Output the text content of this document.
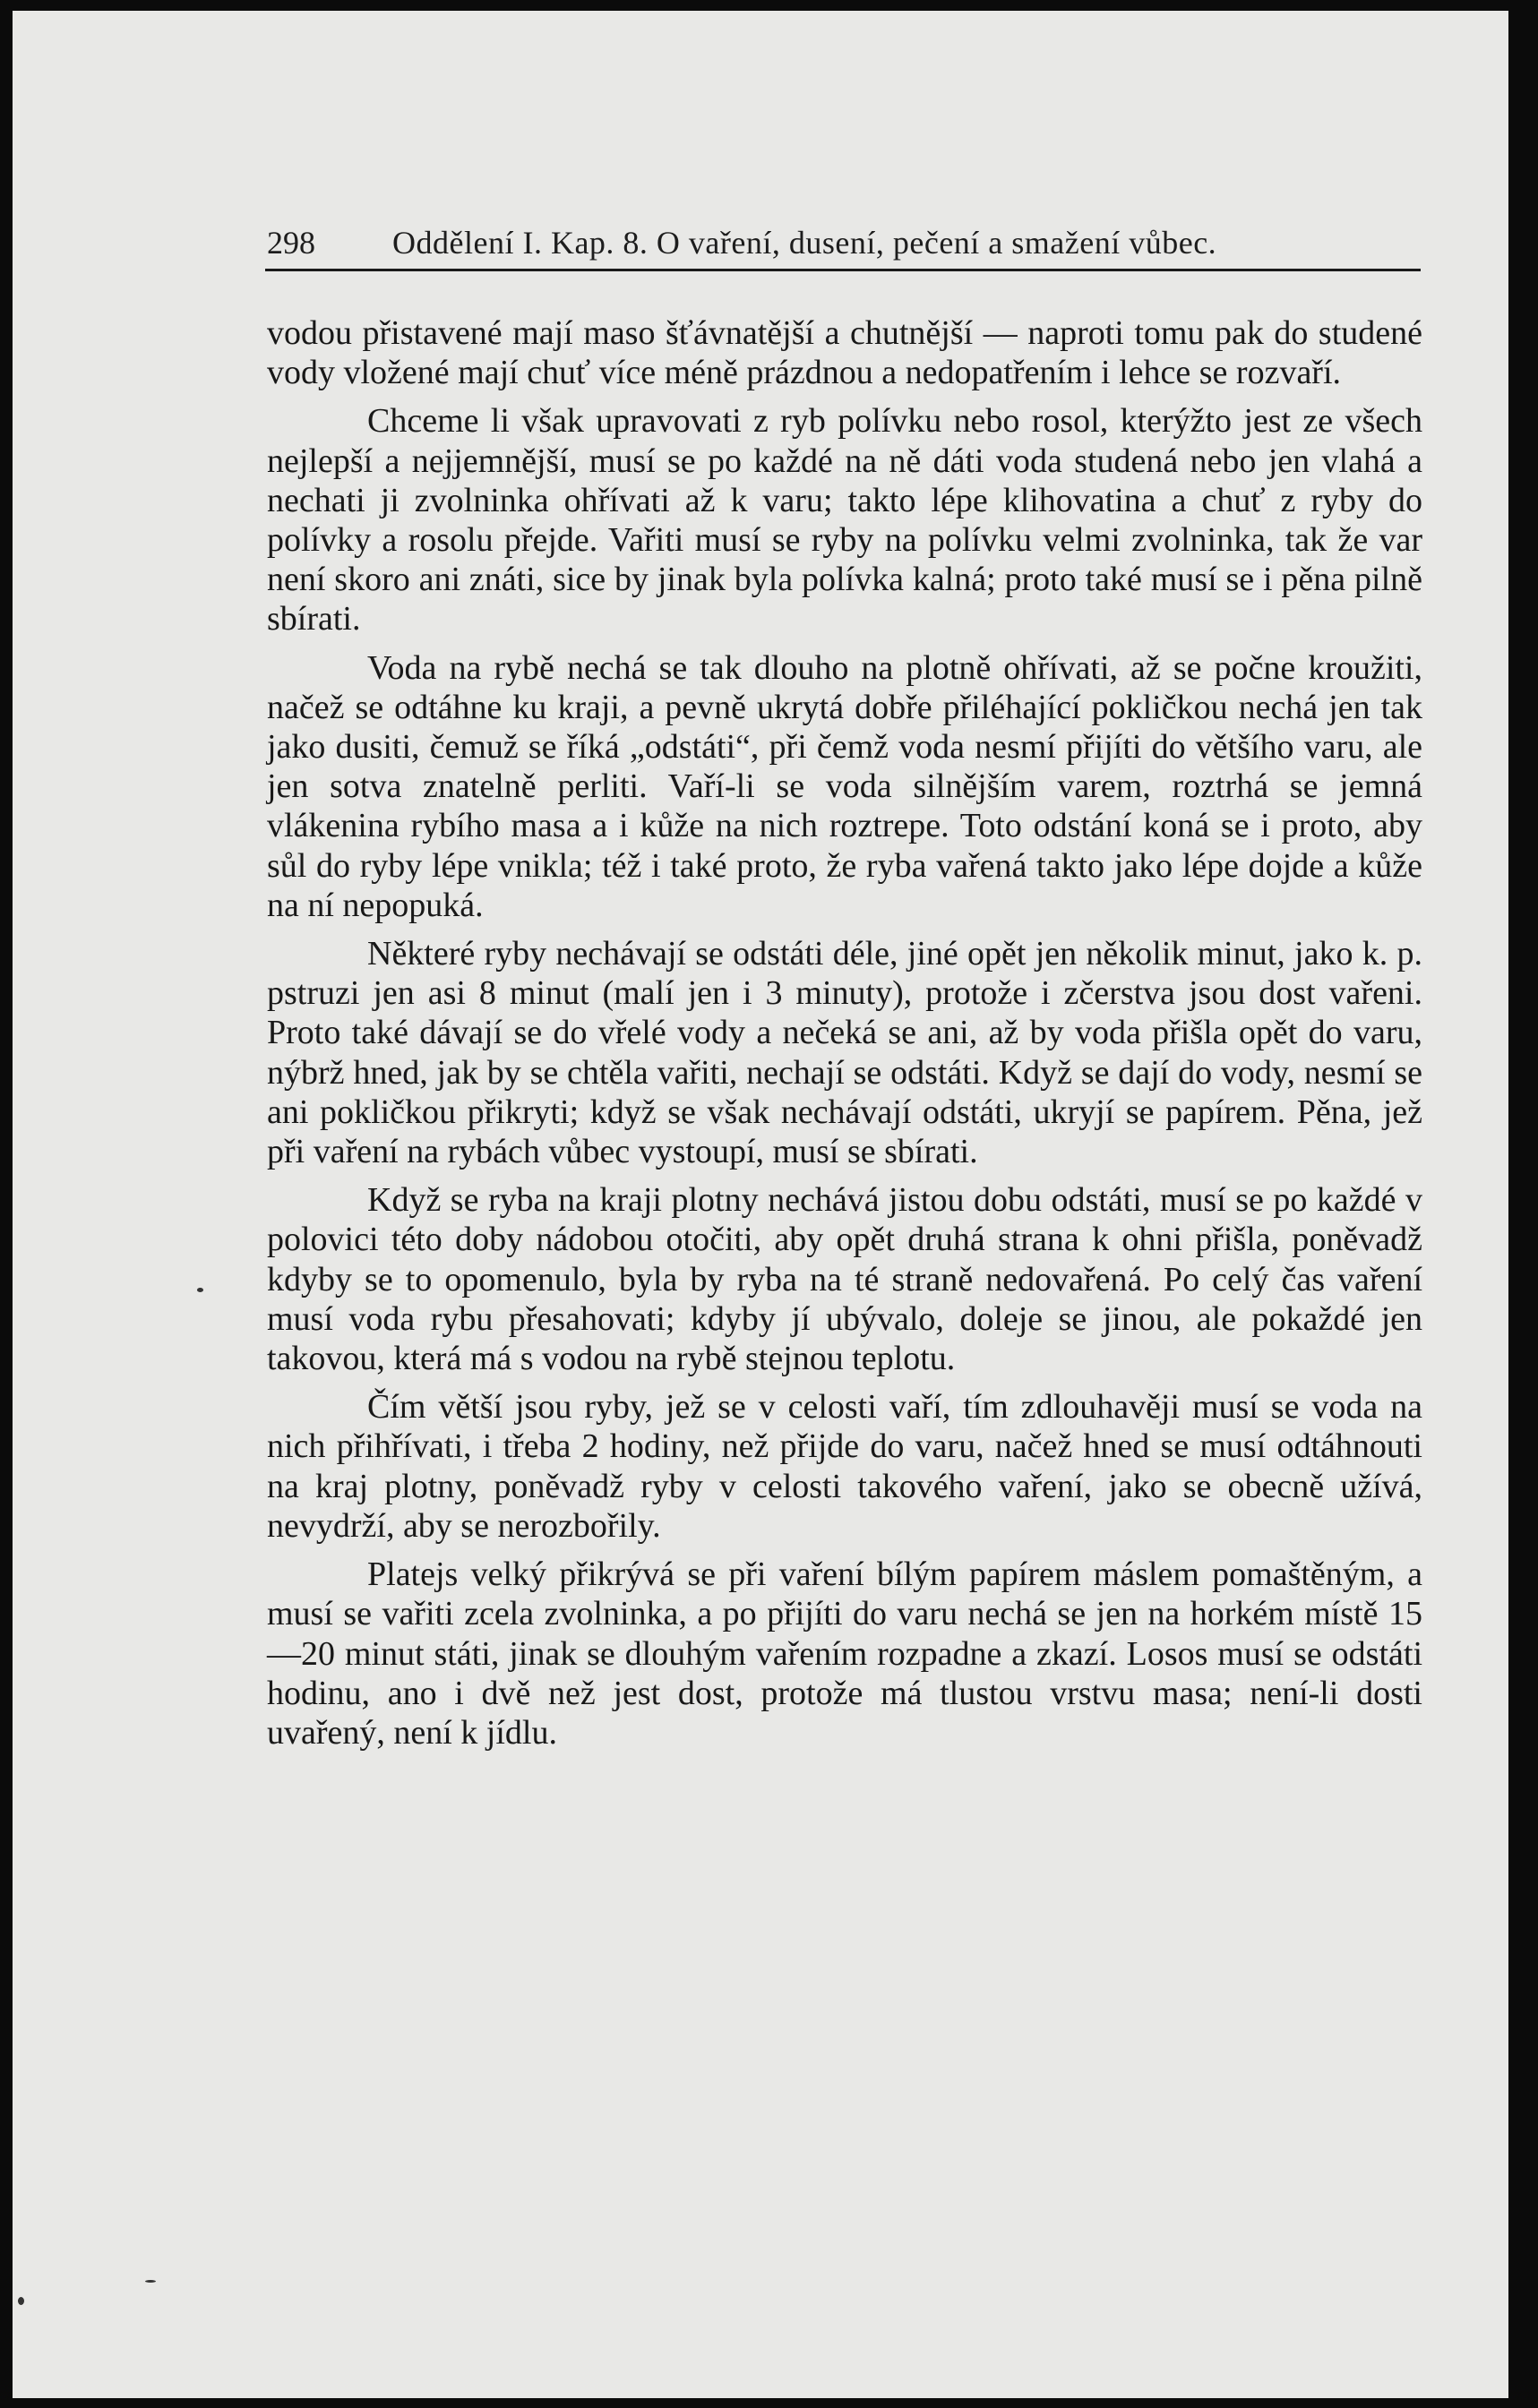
298 Oddělení I. Kap. 8. O vaření, dusení, pečení a smažení vůbec.

vodou přistavené mají maso šťávnatější a chutnější — naproti tomu pak do studené vody vložené mají chuť více méně prázdnou a nedopatřením i lehce se rozvaří.

Chceme li však upravovati z ryb polívku nebo rosol, kterýžto jest ze všech nejlepší a nejjemnější, musí se po každé na ně dáti voda studená nebo jen vlahá a nechati ji zvolninka ohřívati až k varu; takto lépe klihovatina a chuť z ryby do polívky a rosolu přejde. Vařiti musí se ryby na polívku velmi zvolninka, tak že var není skoro ani znáti, sice by jinak byla polívka kalná; proto také musí se i pěna pilně sbírati.

Voda na rybě nechá se tak dlouho na plotně ohřívati, až se počne kroužiti, načež se odtáhne ku kraji, a pevně ukrytá dobře přiléhající pokličkou nechá jen tak jako dusiti, čemuž se říká „odstáti“, při čemž voda nesmí přijíti do většího varu, ale jen sotva znatelně perliti. Vaří-li se voda silnějším varem, roztrhá se jemná vlákenina rybího masa a i kůže na nich roztrepe. Toto odstání koná se i proto, aby sůl do ryby lépe vnikla; též i také proto, že ryba vařená takto jako lépe dojde a kůže na ní nepopuká.

Některé ryby nechávají se odstáti déle, jiné opět jen několik minut, jako k. p. pstruzi jen asi 8 minut (malí jen i 3 minuty), protože i zčerstva jsou dost vařeni. Proto také dávají se do vřelé vody a nečeká se ani, až by voda přišla opět do varu, nýbrž hned, jak by se chtěla vařiti, nechají se odstáti. Když se dají do vody, nesmí se ani pokličkou přikryti; když se však nechávají odstáti, ukryjí se papírem. Pěna, jež při vaření na rybách vůbec vystoupí, musí se sbírati.

Když se ryba na kraji plotny nechává jistou dobu odstáti, musí se po každé v polovici této doby nádobou otočiti, aby opět druhá strana k ohni přišla, poněvadž kdyby se to opomenulo, byla by ryba na té straně nedovařená. Po celý čas vaření musí voda rybu přesahovati; kdyby jí ubývalo, doleje se jinou, ale pokaždé jen takovou, která má s vodou na rybě stejnou teplotu.

Čím větší jsou ryby, jež se v celosti vaří, tím zdlouhavěji musí se voda na nich přihřívati, i třeba 2 hodiny, než přijde do varu, načež hned se musí odtáhnouti na kraj plotny, poněvadž ryby v celosti takového vaření, jako se obecně užívá, nevydrží, aby se nerozbořily.

Platejs velký přikrývá se při vaření bílým papírem máslem pomaštěným, a musí se vařiti zcela zvolninka, a po přijíti do varu nechá se jen na horkém místě 15—20 minut státi, jinak se dlouhým vařením rozpadne a zkazí. Losos musí se odstáti hodinu, ano i dvě než jest dost, protože má tlustou vrstvu masa; není-li dosti uvařený, není k jídlu.
